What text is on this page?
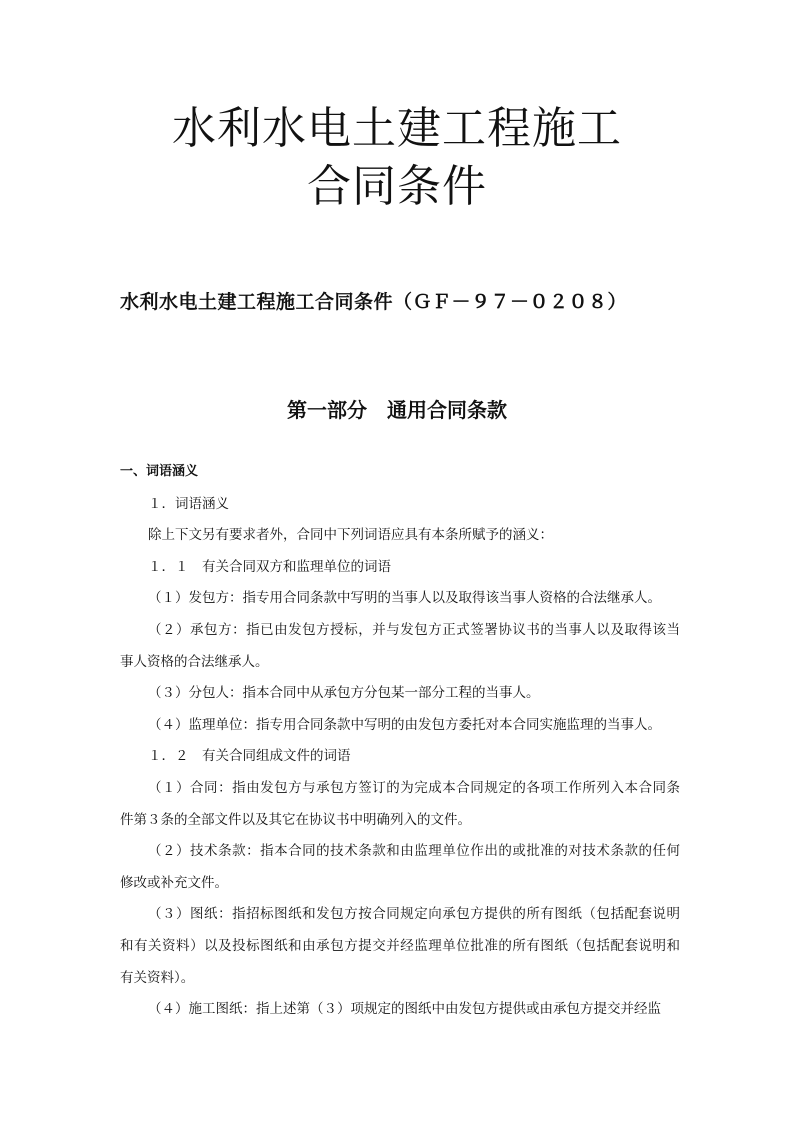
水利水电土建工程施工
合同条件
水利水电土建工程施工合同条件（ＧＦ－９７－０２０８）
第一部分　通用合同条款
一、词语涵义
１．词语涵义
除上下文另有要求者外，合同中下列词语应具有本条所赋予的涵义：
１．１　有关合同双方和监理单位的词语
（１）发包方：指专用合同条款中写明的当事人以及取得该当事人资格的合法继承人。
（２）承包方：指已由发包方授标，并与发包方正式签署协议书的当事人以及取得该当
事人资格的合法继承人。
（３）分包人：指本合同中从承包方分包某一部分工程的当事人。
（４）监理单位：指专用合同条款中写明的由发包方委托对本合同实施监理的当事人。
１．２　有关合同组成文件的词语
（１）合同：指由发包方与承包方签订的为完成本合同规定的各项工作所列入本合同条
件第３条的全部文件以及其它在协议书中明确列入的文件。
（２）技术条款：指本合同的技术条款和由监理单位作出的或批准的对技术条款的任何
修改或补充文件。
（３）图纸：指招标图纸和发包方按合同规定向承包方提供的所有图纸（包括配套说明
和有关资料）以及投标图纸和由承包方提交并经监理单位批准的所有图纸（包括配套说明和
有关资料）。
（４）施工图纸：指上述第（３）项规定的图纸中由发包方提供或由承包方提交并经监
